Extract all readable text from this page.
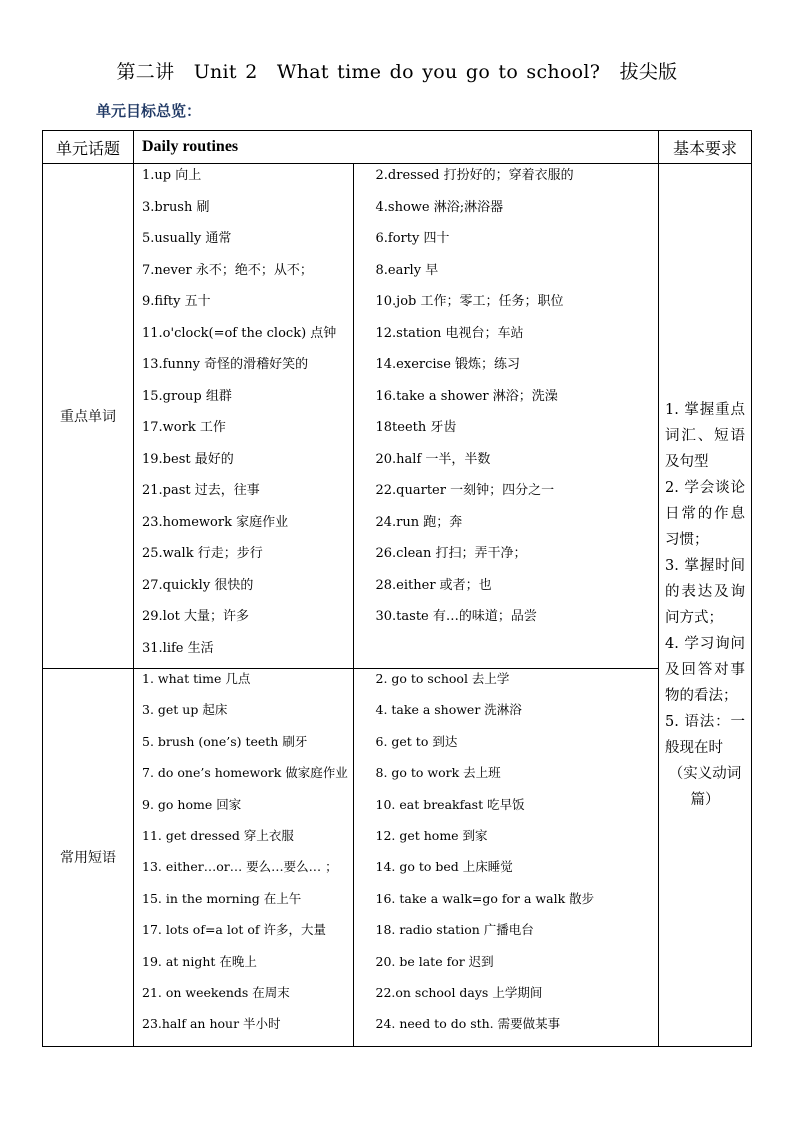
第二讲　Unit 2　What time do you go to school?　拔尖版
单元目标总览：
单元话题	Daily routines	基本要求
重点单词	
1.up 向上	2.dressed 打扮好的；穿着衣服的
3.brush 刷	4.showe 淋浴;淋浴器
5.usually 通常	6.forty 四十
7.never 永不；绝不；从不；	8.early 早
9.fifty 五十	10.job 工作；零工；任务；职位
11.o'clock(=of the clock) 点钟	12.station 电视台；车站
13.funny 奇怪的滑稽好笑的	14.exercise 锻炼；练习
15.group 组群	16.take a shower 淋浴；洗澡
17.work 工作	18teeth 牙齿
19.best 最好的	20.half 一半，半数
21.past 过去，往事	22.quarter 一刻钟；四分之一
23.homework 家庭作业	24.run 跑；奔
25.walk 行走；步行	26.clean 打扫；弄干净；
27.quickly 很快的	28.either 或者；也
29.lot 大量；许多	30.taste 有…的味道；品尝
31.life 生活	

1. 掌握重点词汇、短语及句型

2. 学会谈论日常的作息习惯；

3. 掌握时间的表达及询问方式；

4. 学习询问及回答对事物的看法；

5. 语法：一般现在时

（实义动词篇）

常用短语	
1. what time 几点	2. go to school 去上学
3. get up 起床	4. take a shower 洗淋浴
5. brush (one’s) teeth 刷牙	6. get to 到达
7. do one’s homework 做家庭作业	8. go to work 去上班
9. go home 回家	10. eat breakfast 吃早饭
11. get dressed 穿上衣服	12. get home 到家
13. either…or… 要么…要么… ；	14. go to bed 上床睡觉
15. in the morning 在上午	16. take a walk=go for a walk 散步
17. lots of=a lot of 许多，大量	18. radio station 广播电台
19. at night 在晚上	20. be late for 迟到
21. on weekends 在周末	22.on school days 上学期间
23.half an hour 半小时	24. need to do sth. 需要做某事
